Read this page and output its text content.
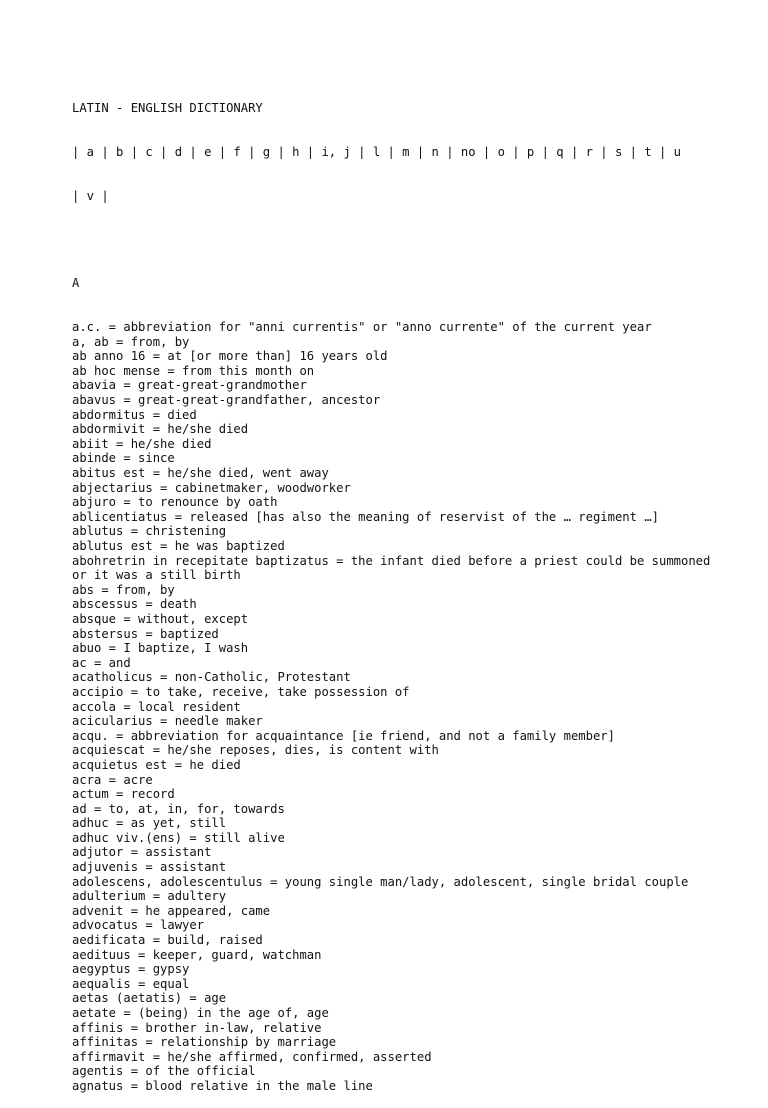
LATIN - ENGLISH DICTIONARY

| a | b | c | d | e | f | g | h | i, j | l | m | n | no | o | p | q | r | s | t | u

| v |

A

a.c. = abbreviation for "anni currentis" or "anno currente" of the current year
a, ab = from, by
ab anno 16 = at [or more than] 16 years old
ab hoc mense = from this month on
abavia = great-great-grandmother
abavus = great-great-grandfather, ancestor
abdormitus = died
abdormivit = he/she died
abiit = he/she died
abinde = since
abitus est = he/she died, went away
abjectarius = cabinetmaker, woodworker
abjuro = to renounce by oath
ablicentiatus = released [has also the meaning of reservist of the … regiment …]
ablutus = christening
ablutus est = he was baptized
abohretrin in recepitate baptizatus = the infant died before a priest could be summoned or it was a still birth
abs = from, by
abscessus = death
absque = without, except
abstersus = baptized
abuo = I baptize, I wash
ac = and
acatholicus = non-Catholic, Protestant
accipio = to take, receive, take possession of
accola = local resident
acicularius = needle maker
acqu. = abbreviation for acquaintance [ie friend, and not a family member]
acquiescat = he/she reposes, dies, is content with
acquietus est = he died
acra = acre
actum = record
ad = to, at, in, for, towards
adhuc = as yet, still
adhuc viv.(ens) = still alive
adjutor = assistant
adjuvenis = assistant
adolescens, adolescentulus = young single man/lady, adolescent, single bridal couple
adulterium = adultery
advenit = he appeared, came
advocatus = lawyer
aedificata = build, raised
aedituus = keeper, guard, watchman
aegyptus = gypsy
aequalis = equal
aetas (aetatis) = age
aetate = (being) in the age of, age
affinis = brother in-law, relative
affinitas = relationship by marriage
affirmavit = he/she affirmed, confirmed, asserted
agentis = of the official
agnatus = blood relative in the male line
